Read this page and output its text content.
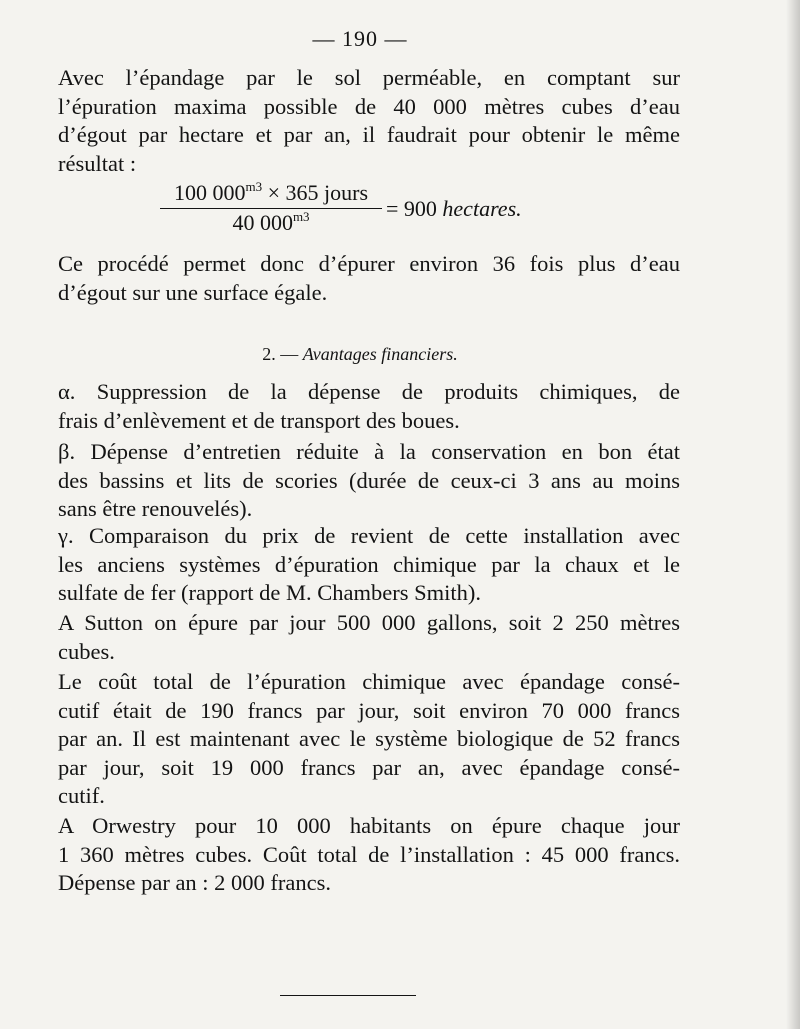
— 190 —
Avec l’épandage par le sol perméable, en comptant sur
l’épuration maxima possible de 40 000 mètres cubes d’eau
d’égout par hectare et par an, il faudrait pour obtenir le même
résultat :
100 $000^{m3} \times 365$ jours
40 $000^{m3}$	= 900 hectares.
Ce procédé permet donc d’épurer environ 36 fois plus d’eau
d’égout sur une surface égale.
2. — Avantages financiers.
α. Suppression de la dépense de produits chimiques, de
frais d’enlèvement et de transport des boues.
β. Dépense d’entretien réduite à la conservation en bon état
des bassins et lits de scories (durée de ceux-ci 3 ans au moins
sans être renouvelés).
γ. Comparaison du prix de revient de cette installation avec
les anciens systèmes d’épuration chimique par la chaux et le
sulfate de fer (rapport de M. Chambers Smith).
A Sutton on épure par jour 500 000 gallons, soit 2 250 mètres
cubes.
Le coût total de l’épuration chimique avec épandage consé-
cutif était de 190 francs par jour, soit environ 70 000 francs
par an. Il est maintenant avec le système biologique de 52 francs
par jour, soit 19 000 francs par an, avec épandage consé-
cutif.
A Orwestry pour 10 000 habitants on épure chaque jour
1 360 mètres cubes. Coût total de l’installation : 45 000 francs.
Dépense par an : 2 000 francs.
